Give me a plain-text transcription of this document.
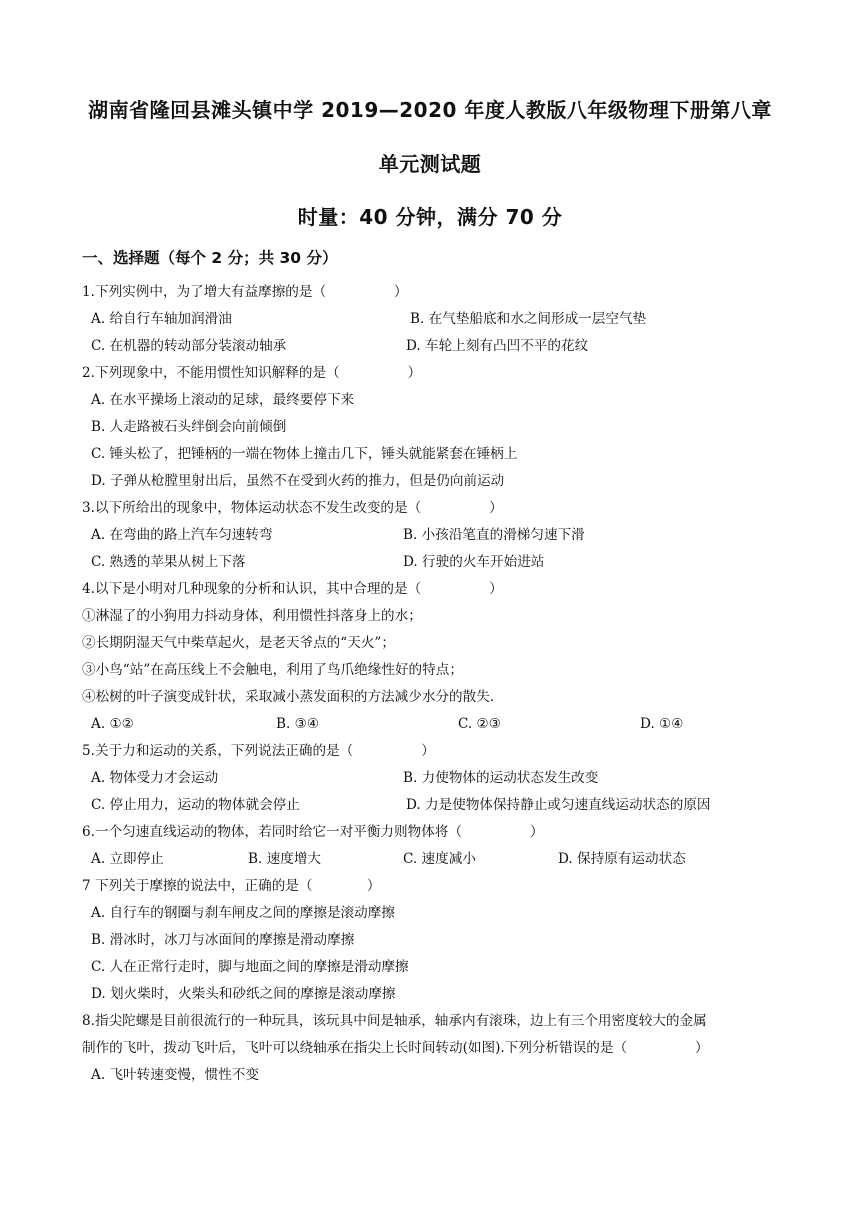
湖南省隆回县滩头镇中学 2019—2020 年度人教版八年级物理下册第八章
单元测试题
时量：40 分钟，满分 70 分
一、选择题（每个 2 分；共 30 分）
1.下列实例中，为了增大有益摩擦的是（　　　　　）
A. 给自行车轴加润滑油	B. 在气垫船底和水之间形成一层空气垫
C. 在机器的转动部分装滚动轴承	D. 车轮上刻有凸凹不平的花纹
2.下列现象中，不能用惯性知识解释的是（　　　　　）
A. 在水平操场上滚动的足球，最终要停下来
B. 人走路被石头绊倒会向前倾倒
C. 锤头松了，把锤柄的一端在物体上撞击几下，锤头就能紧套在锤柄上
D. 子弹从枪膛里射出后，虽然不在受到火药的推力，但是仍向前运动
3.以下所给出的现象中，物体运动状态不发生改变的是（　　　　　）
A. 在弯曲的路上汽车匀速转弯	B. 小孩沿笔直的滑梯匀速下滑
C. 熟透的苹果从树上下落	D. 行驶的火车开始进站
4.以下是小明对几种现象的分析和认识，其中合理的是（　　　　　）
①淋湿了的小狗用力抖动身体，利用惯性抖落身上的水；
②长期阴湿天气中柴草起火，是老天爷点的“天火”；
③小鸟“站”在高压线上不会触电，利用了鸟爪绝缘性好的特点；
④松树的叶子演变成针状，采取减小蒸发面积的方法减少水分的散失.
A. ①②	B. ③④	C. ②③	D. ①④
5.关于力和运动的关系，下列说法正确的是（　　　　　）
A. 物体受力才会运动	B. 力使物体的运动状态发生改变
C. 停止用力，运动的物体就会停止	D. 力是使物体保持静止或匀速直线运动状态的原因
6.一个匀速直线运动的物体，若同时给它一对平衡力则物体将（　　　　　）
A. 立即停止	B. 速度增大	C. 速度减小	D. 保持原有运动状态
7 下列关于摩擦的说法中，正确的是（　　　　）
A. 自行车的钢圈与刹车闸皮之间的摩擦是滚动摩擦
B. 滑冰时，冰刀与冰面间的摩擦是滑动摩擦
C. 人在正常行走时，脚与地面之间的摩擦是滑动摩擦
D. 划火柴时，火柴头和砂纸之间的摩擦是滚动摩擦
8.指尖陀螺是目前很流行的一种玩具，该玩具中间是轴承，轴承内有滚珠，边上有三个用密度较大的金属
制作的飞叶，拨动飞叶后，飞叶可以绕轴承在指尖上长时间转动(如图).下列分析错误的是（　　　　　）
A. 飞叶转速变慢，惯性不变
